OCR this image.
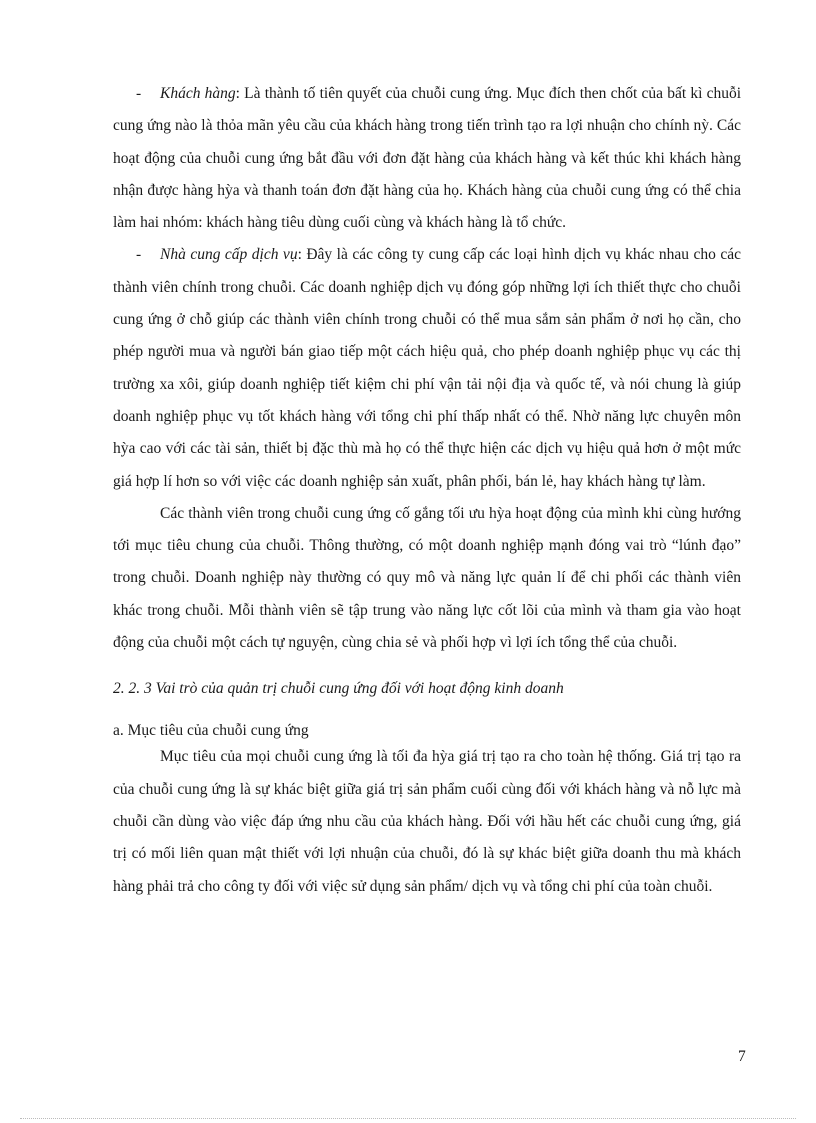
- Khách hàng: Là thành tố tiên quyết của chuỗi cung ứng. Mục đích then chốt của bất kì chuỗi cung ứng nào là thỏa mãn yêu cầu của khách hàng trong tiến trình tạo ra lợi nhuận cho chính nỳ. Các hoạt động của chuỗi cung ứng bắt đầu với đơn đặt hàng của khách hàng và kết thúc khi khách hàng nhận được hàng hỳa và thanh toán đơn đặt hàng của họ. Khách hàng của chuỗi cung ứng có thể chia làm hai nhóm: khách hàng tiêu dùng cuối cùng và khách hàng là tổ chức.

- Nhà cung cấp dịch vụ: Đây là các công ty cung cấp các loại hình dịch vụ khác nhau cho các thành viên chính trong chuỗi. Các doanh nghiệp dịch vụ đóng góp những lợi ích thiết thực cho chuỗi cung ứng ở chỗ giúp các thành viên chính trong chuỗi có thể mua sắm sản phẩm ở nơi họ cần, cho phép người mua và người bán giao tiếp một cách hiệu quả, cho phép doanh nghiệp phục vụ các thị trường xa xôi, giúp doanh nghiệp tiết kiệm chi phí vận tải nội địa và quốc tế, và nói chung là giúp doanh nghiệp phục vụ tốt khách hàng với tổng chi phí thấp nhất có thể. Nhờ năng lực chuyên môn hỳa cao với các tài sản, thiết bị đặc thù mà họ có thể thực hiện các dịch vụ hiệu quả hơn ở một mức giá hợp lí hơn so với việc các doanh nghiệp sản xuất, phân phối, bán lẻ, hay khách hàng tự làm.

Các thành viên trong chuỗi cung ứng cố gắng tối ưu hỳa hoạt động của mình khi cùng hướng tới mục tiêu chung của chuỗi. Thông thường, có một doanh nghiệp mạnh đóng vai trò “lúnh đạo” trong chuỗi. Doanh nghiệp này thường có quy mô và năng lực quản lí để chi phối các thành viên khác trong chuỗi. Mỗi thành viên sẽ tập trung vào năng lực cốt lõi của mình và tham gia vào hoạt động của chuỗi một cách tự nguyện, cùng chia sẻ và phối hợp vì lợi ích tổng thể của chuỗi.

2. 2. 3 Vai trò của quản trị chuỗi cung ứng đối với hoạt động kinh doanh

a. Mục tiêu của chuỗi cung ứng

Mục tiêu của mọi chuỗi cung ứng là tối đa hỳa giá trị tạo ra cho toàn hệ thống. Giá trị tạo ra của chuỗi cung ứng là sự khác biệt giữa giá trị sản phẩm cuối cùng đối với khách hàng và nỗ lực mà chuỗi cần dùng vào việc đáp ứng nhu cầu của khách hàng. Đối với hầu hết các chuỗi cung ứng, giá trị có mối liên quan mật thiết với lợi nhuận của chuỗi, đó là sự khác biệt giữa doanh thu mà khách hàng phải trả cho công ty đối với việc sử dụng sản phẩm/ dịch vụ và tổng chi phí của toàn chuỗi.

7
